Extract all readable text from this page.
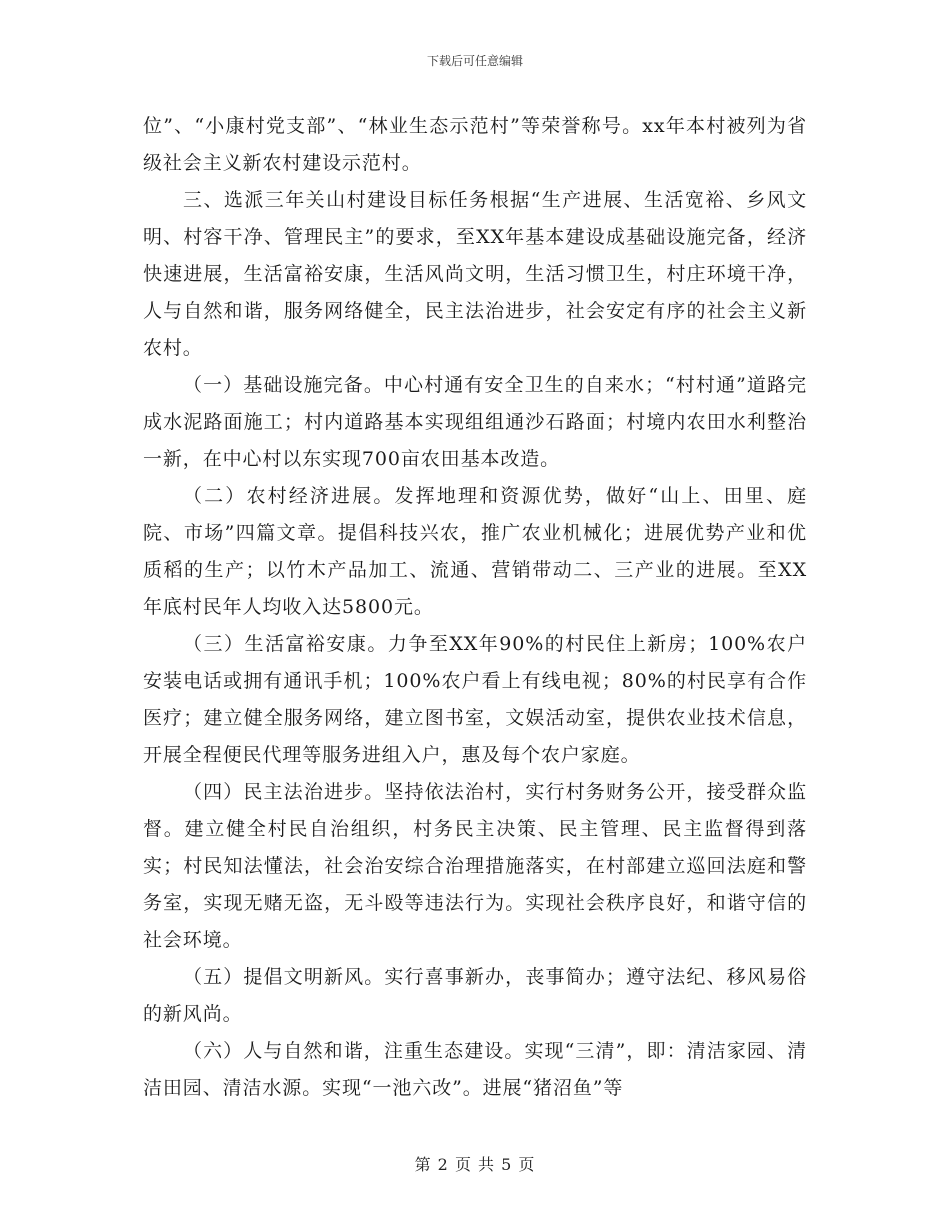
下载后可任意编辑

位”、“小康村党支部”、“林业生态示范村”等荣誉称号。xx年本村被列为省级社会主义新农村建设示范村。

三、选派三年关山村建设目标任务根据“生产进展、生活宽裕、乡风文明、村容干净、管理民主”的要求，至XX年基本建设成基础设施完备，经济快速进展，生活富裕安康，生活风尚文明，生活习惯卫生，村庄环境干净，人与自然和谐，服务网络健全，民主法治进步，社会安定有序的社会主义新农村。

（一）基础设施完备。中心村通有安全卫生的自来水；“村村通”道路完成水泥路面施工；村内道路基本实现组组通沙石路面；村境内农田水利整治一新，在中心村以东实现700亩农田基本改造。

（二）农村经济进展。发挥地理和资源优势，做好“山上、田里、庭院、市场”四篇文章。提倡科技兴农，推广农业机械化；进展优势产业和优质稻的生产；以竹木产品加工、流通、营销带动二、三产业的进展。至XX年底村民年人均收入达5800元。

（三）生活富裕安康。力争至XX年90%的村民住上新房；100%农户安装电话或拥有通讯手机；100%农户看上有线电视；80%的村民享有合作医疗；建立健全服务网络，建立图书室，文娱活动室，提供农业技术信息，开展全程便民代理等服务进组入户，惠及每个农户家庭。

（四）民主法治进步。坚持依法治村，实行村务财务公开，接受群众监督。建立健全村民自治组织，村务民主决策、民主管理、民主监督得到落实；村民知法懂法，社会治安综合治理措施落实，在村部建立巡回法庭和警务室，实现无赌无盗，无斗殴等违法行为。实现社会秩序良好，和谐守信的社会环境。

（五）提倡文明新风。实行喜事新办，丧事简办；遵守法纪、移风易俗的新风尚。

（六）人与自然和谐，注重生态建设。实现“三清”，即：清洁家园、清洁田园、清洁水源。实现“一池六改”。进展“猪沼鱼”等

第 2 页 共 5 页
